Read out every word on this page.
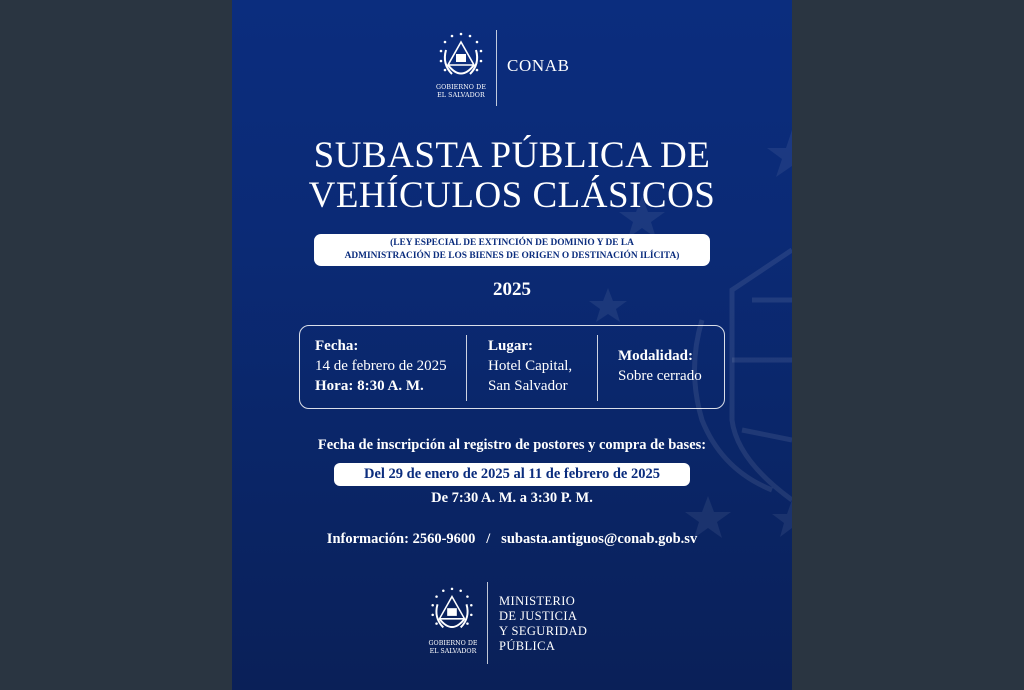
GOBIERNO DE
EL SALVADOR
CONAB
SUBASTA PÚBLICA DE
VEHÍCULOS CLÁSICOS
(LEY ESPECIAL DE EXTINCIÓN DE DOMINIO Y DE LA
ADMINISTRACIÓN DE LOS BIENES DE ORIGEN O DESTINACIÓN ILÍCITA)
2025
Fecha:
14 de febrero de 2025
Hora: 8:30 A. M.
Lugar:
Hotel Capital,
San Salvador
Modalidad:
Sobre cerrado
Fecha de inscripción al registro de postores y compra de bases:
Del 29 de enero de 2025 al 11 de febrero de 2025
De 7:30 A. M. a 3:30 P. M.
Información: 2560-9600   /   subasta.antiguos@conab.gob.sv
GOBIERNO DE
EL SALVADOR
MINISTERIO
DE JUSTICIA
Y SEGURIDAD
PÚBLICA
